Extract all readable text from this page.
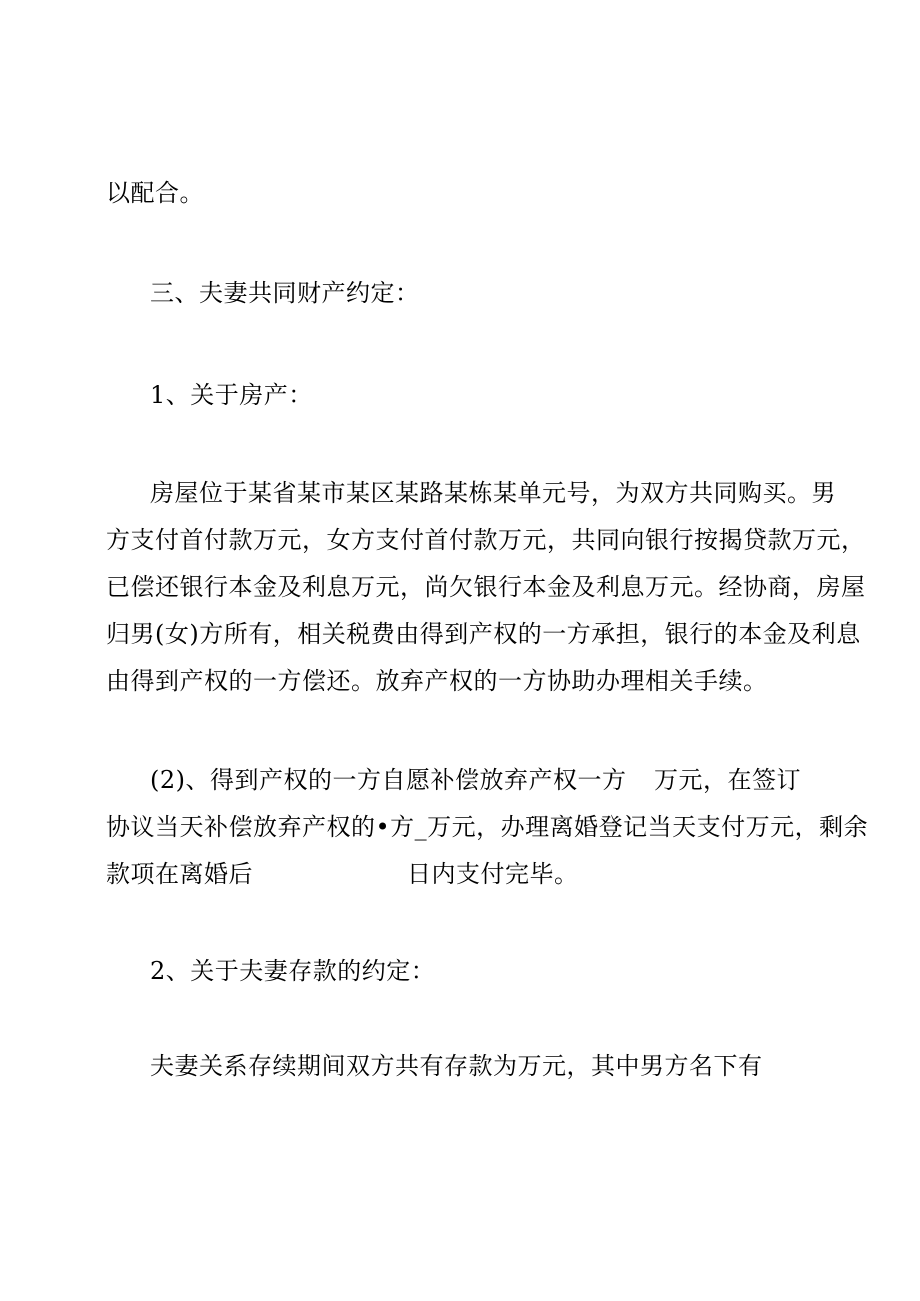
以配合。
三、夫妻共同财产约定：
1、关于房产：
房屋位于某省某市某区某路某栋某单元号，为双方共同购买。男
方支付首付款万元，女方支付首付款万元，共同向银行按揭贷款万元，
已偿还银行本金及利息万元，尚欠银行本金及利息万元。经协商，房屋
归男(女)方所有，相关税费由得到产权的一方承担，银行的本金及利息
由得到产权的一方偿还。放弃产权的一方协助办理相关手续。
(2)、得到产权的一方自愿补偿放弃产权一方 万元，在签订
协议当天补偿放弃产权的•方_万元，办理离婚登记当天支付万元，剩余
款项在离婚后	日内支付完毕。
2、关于夫妻存款的约定：
夫妻关系存续期间双方共有存款为万元，其中男方名下有
